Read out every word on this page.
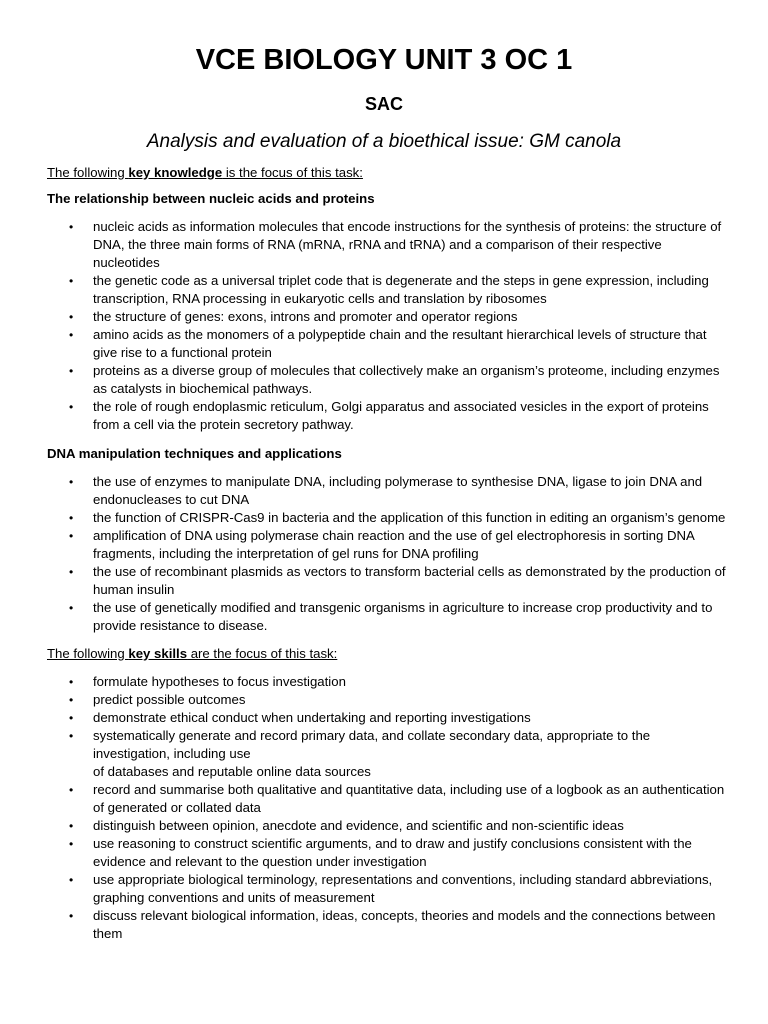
VCE BIOLOGY UNIT 3 OC 1
SAC
Analysis and evaluation of a bioethical issue: GM canola

The following key knowledge is the focus of this task:

The relationship between nucleic acids and proteins

• nucleic acids as information molecules that encode instructions for the synthesis of proteins: the structure of DNA, the three main forms of RNA (mRNA, rRNA and tRNA) and a comparison of their respective nucleotides
• the genetic code as a universal triplet code that is degenerate and the steps in gene expression, including transcription, RNA processing in eukaryotic cells and translation by ribosomes
• the structure of genes: exons, introns and promoter and operator regions
• amino acids as the monomers of a polypeptide chain and the resultant hierarchical levels of structure that give rise to a functional protein
• proteins as a diverse group of molecules that collectively make an organism’s proteome, including enzymes as catalysts in biochemical pathways.
• the role of rough endoplasmic reticulum, Golgi apparatus and associated vesicles in the export of proteins from a cell via the protein secretory pathway.

DNA manipulation techniques and applications

• the use of enzymes to manipulate DNA, including polymerase to synthesise DNA, ligase to join DNA and endonucleases to cut DNA
• the function of CRISPR-Cas9 in bacteria and the application of this function in editing an organism’s genome
• amplification of DNA using polymerase chain reaction and the use of gel electrophoresis in sorting DNA fragments, including the interpretation of gel runs for DNA profiling
• the use of recombinant plasmids as vectors to transform bacterial cells as demonstrated by the production of human insulin
• the use of genetically modified and transgenic organisms in agriculture to increase crop productivity and to provide resistance to disease.

The following key skills are the focus of this task:

• formulate hypotheses to focus investigation
• predict possible outcomes
• demonstrate ethical conduct when undertaking and reporting investigations
• systematically generate and record primary data, and collate secondary data, appropriate to the investigation, including use
of databases and reputable online data sources
• record and summarise both qualitative and quantitative data, including use of a logbook as an authentication of generated or collated data
• distinguish between opinion, anecdote and evidence, and scientific and non-scientific ideas
• use reasoning to construct scientific arguments, and to draw and justify conclusions consistent with the evidence and relevant to the question under investigation
• use appropriate biological terminology, representations and conventions, including standard abbreviations, graphing conventions and units of measurement
• discuss relevant biological information, ideas, concepts, theories and models and the connections between them
